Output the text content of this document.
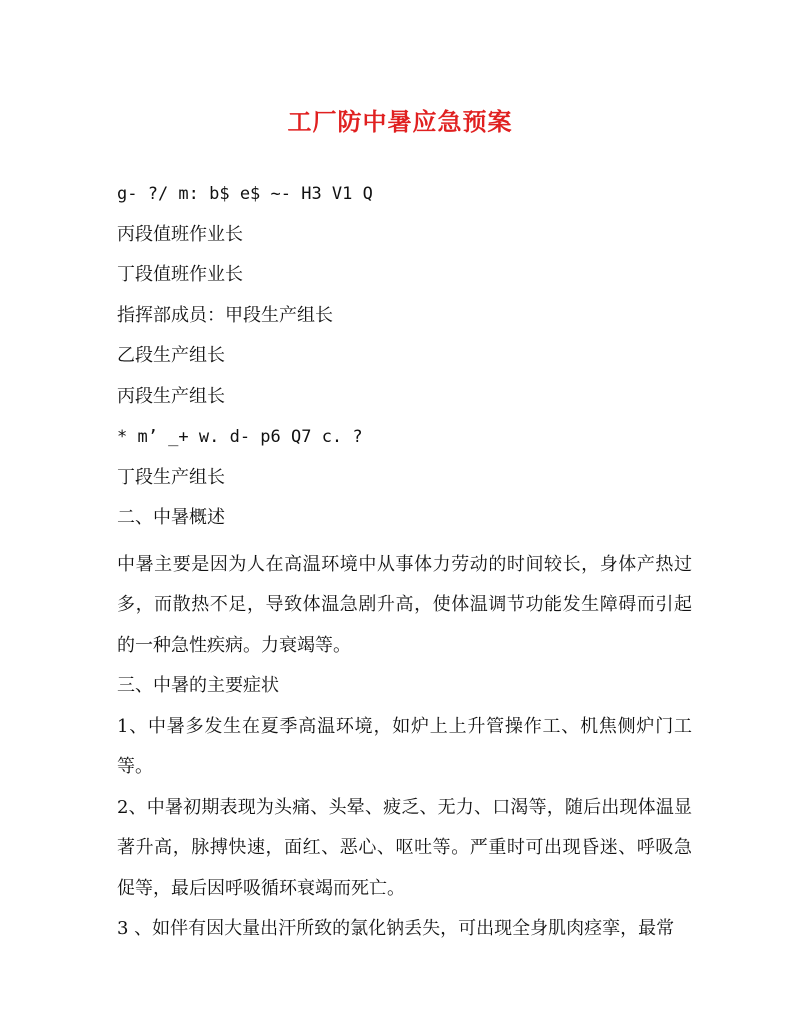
工厂防中暑应急预案
g- ?/ m: b$ e$ ~- H3 V1 Q
丙段值班作业长
丁段值班作业长
指挥部成员：甲段生产组长
乙段生产组长
丙段生产组长
* m’ _+ w. d- p6 Q7 c. ?
丁段生产组长
二、中暑概述

中暑主要是因为人在高温环境中从事体力劳动的时间较长，身体产热过多，而散热不足，导致体温急剧升高，使体温调节功能发生障碍而引起的一种急性疾病。力衰竭等。

三、中暑的主要症状

1、中暑多发生在夏季高温环境，如炉上上升管操作工、机焦侧炉门工等。

2、中暑初期表现为头痛、头晕、疲乏、无力、口渴等，随后出现体温显著升高，脉搏快速，面红、恶心、呕吐等。严重时可出现昏迷、呼吸急促等，最后因呼吸循环衰竭而死亡。

3 、如伴有因大量出汗所致的氯化钠丢失，可出现全身肌肉痉挛，最常
